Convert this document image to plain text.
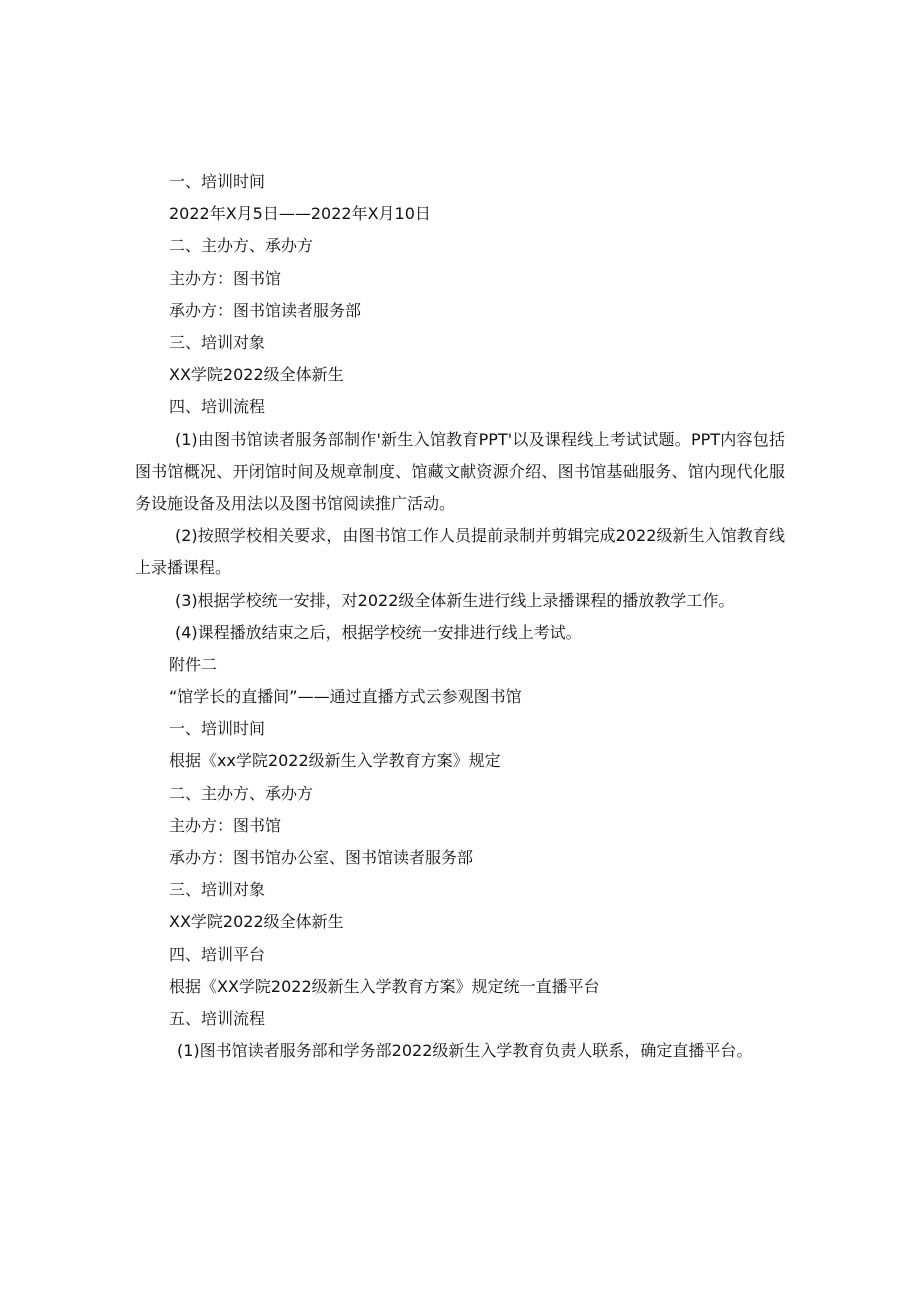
一、培训时间

2022年X月5日——2022年X月10日

二、主办方、承办方

主办方：图书馆

承办方：图书馆读者服务部

三、培训对象

XX学院2022级全体新生

四、培训流程

(1)由图书馆读者服务部制作'新生入馆教育PPT'以及课程线上考试试题。PPT内容包括图书馆概况、开闭馆时间及规章制度、馆藏文献资源介绍、图书馆基础服务、馆内现代化服务设施设备及用法以及图书馆阅读推广活动。

(2)按照学校相关要求，由图书馆工作人员提前录制并剪辑完成2022级新生入馆教育线上录播课程。

(3)根据学校统一安排，对2022级全体新生进行线上录播课程的播放教学工作。

(4)课程播放结束之后，根据学校统一安排进行线上考试。

附件二

“馆学长的直播间”——通过直播方式云参观图书馆

一、培训时间

根据《xx学院2022级新生入学教育方案》规定

二、主办方、承办方

主办方：图书馆

承办方：图书馆办公室、图书馆读者服务部

三、培训对象

XX学院2022级全体新生

四、培训平台

根据《XX学院2022级新生入学教育方案》规定统一直播平台

五、培训流程

(1)图书馆读者服务部和学务部2022级新生入学教育负责人联系，确定直播平台。
